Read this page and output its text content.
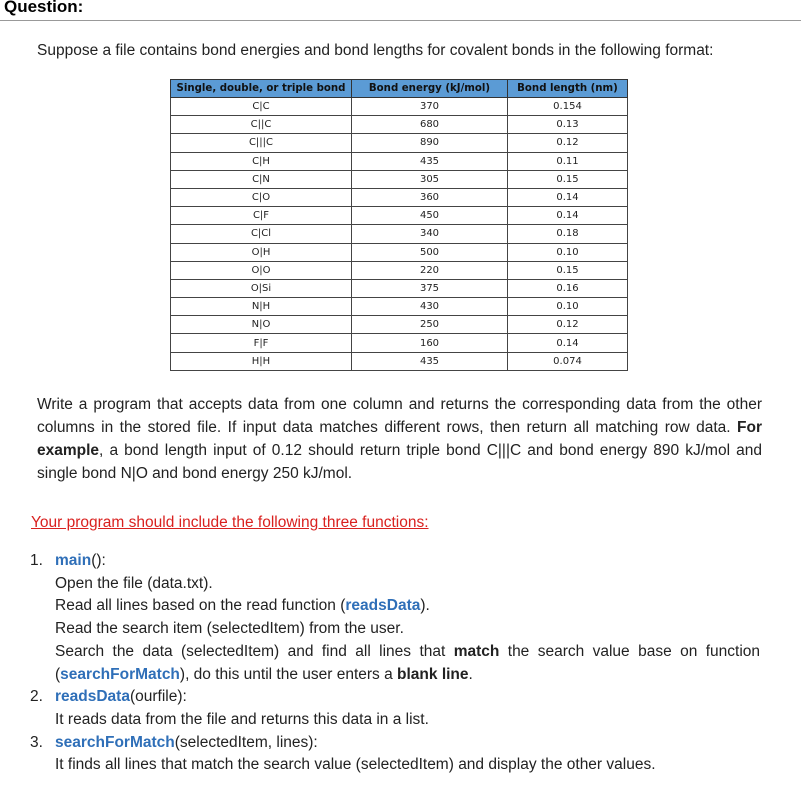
Question:
Suppose a file contains bond energies and bond lengths for covalent bonds in the following format:
Single, double, or triple bond	Bond energy (kJ/mol)	Bond length (nm)
C|C	370	0.154
C||C	680	0.13
C|||C	890	0.12
C|H	435	0.11
C|N	305	0.15
C|O	360	0.14
C|F	450	0.14
C|Cl	340	0.18
O|H	500	0.10
O|O	220	0.15
O|Si	375	0.16
N|H	430	0.10
N|O	250	0.12
F|F	160	0.14
H|H	435	0.074
Write a program that accepts data from one column and returns the corresponding data from the other columns in the stored file. If input data matches different rows, then return all matching row data. For example, a bond length input of 0.12 should return triple bond C|||C and bond energy 890 kJ/mol and single bond N|O and bond energy 250 kJ/mol.
Your program should include the following three functions:
1. main():
Open the file (data.txt).
Read all lines based on the read function (readsData).
Read the search item (selectedItem) from the user.
Search the data (selectedItem) and find all lines that match the search value base on function (searchForMatch), do this until the user enters a blank line.
2. readsData(ourfile):
It reads data from the file and returns this data in a list.
3. searchForMatch(selectedItem, lines):
It finds all lines that match the search value (selectedItem) and display the other values.
